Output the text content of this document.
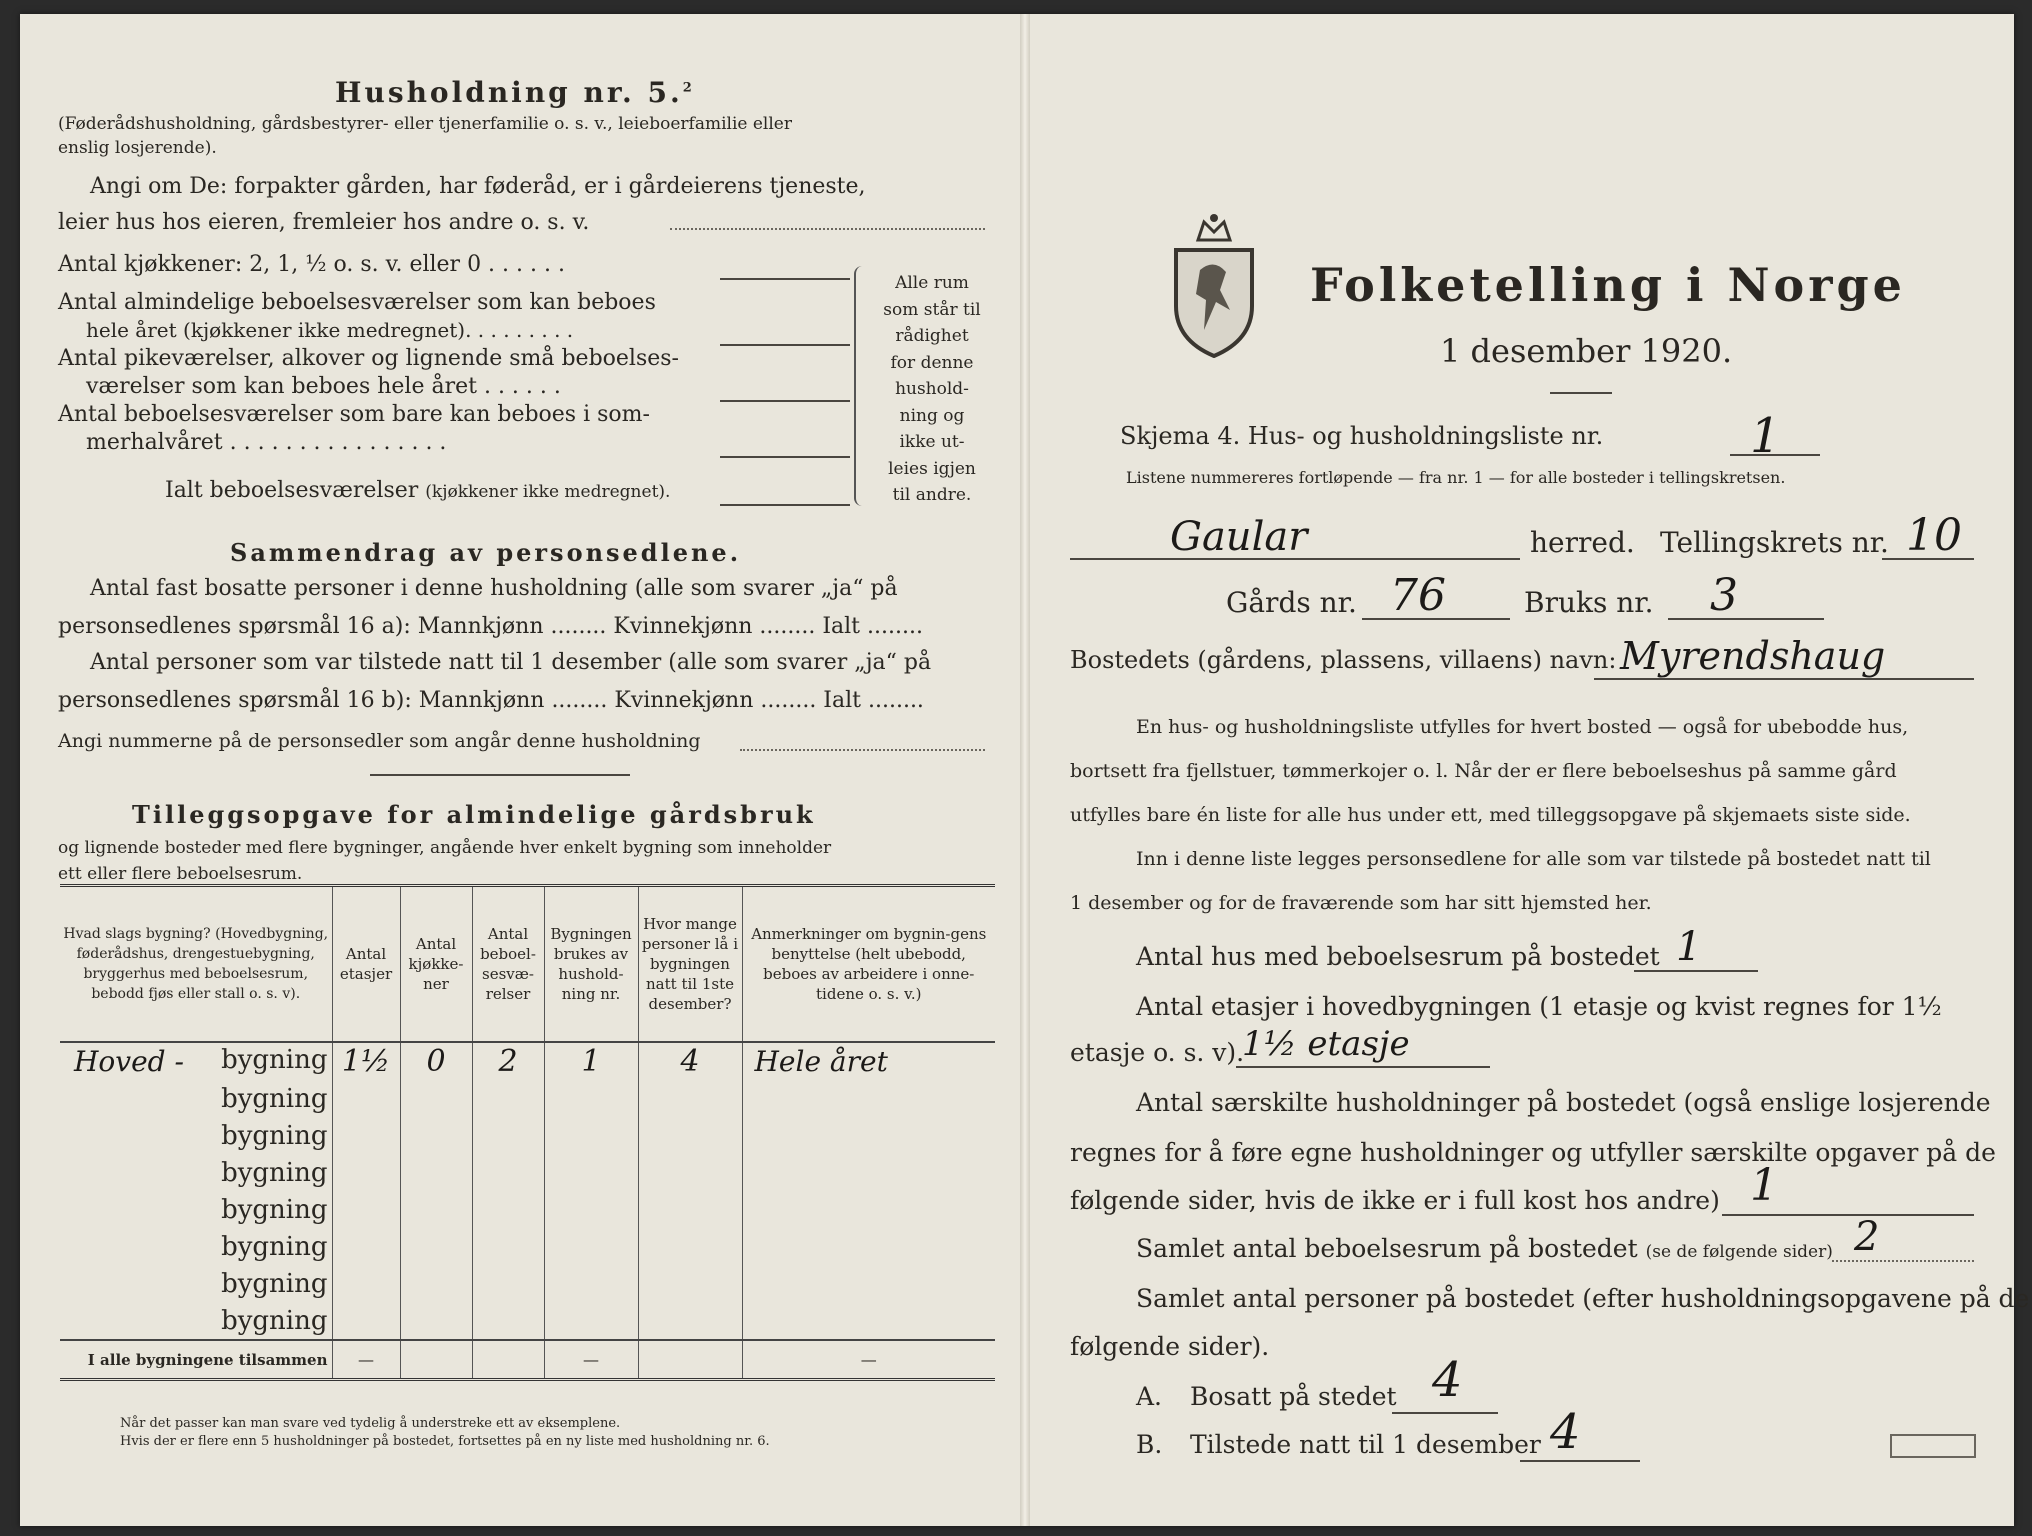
Husholdning nr. 5.$^2$
(Føderådshusholdning, gårdsbestyrer- eller tjenerfamilie o. s. v., leieboerfamilie eller
enslig losjerende).
Angi om De: forpakter gården, har føderåd, er i gårdeierens tjeneste,
leier hus hos eieren, fremleier hos andre o. s. v.
Antal kjøkkener: 2, 1, ½ o. s. v. eller 0 . . . . . .
Antal almindelige beboelsesværelser som kan beboes
hele året (kjøkkener ikke medregnet). . . . . . . . .
Antal pikeværelser, alkover og lignende små beboelses-
værelser som kan beboes hele året . . . . . .
Antal beboelsesværelser som bare kan beboes i som-
merhalvåret . . . . . . . . . . . . . . . .
Ialt beboelsesværelser (kjøkkener ikke medregnet).
Alle rum
som står til
rådighet
for denne
hushold-
ning og
ikke ut-
leies igjen
til andre.
Sammendrag av personsedlene.
Antal fast bosatte personer i denne husholdning (alle som svarer „ja“ på
personsedlenes spørsmål 16 a): Mannkjønn ........ Kvinnekjønn ........ Ialt ........
Antal personer som var tilstede natt til 1 desember (alle som svarer „ja“ på
personsedlenes spørsmål 16 b): Mannkjønn ........ Kvinnekjønn ........ Ialt ........
Angi nummerne på de personsedler som angår denne husholdning
Tilleggsopgave for almindelige gårdsbruk
og lignende bosteder med flere bygninger, angående hver enkelt bygning som inneholder
ett eller flere beboelsesrum.
Hvad slags bygning? (Hovedbygning, føderådshus, drengestuebygning, bryggerhus med beboelsesrum, bebodd fjøs eller stall o. s. v).	Antal etasjer	Antal kjøkke-ner	Antal beboel-sesvæ-relser	Bygningen brukes av hushold-ning nr.	Hvor mange personer lå i bygningen natt til 1ste desember?	Anmerkninger om bygnin-gens benyttelse (helt ubebodd, beboes av arbeidere i onne-tidene o. s. v.)

Hoved - bygning	1½	0	2	1	4	Hele året
bygning						
bygning						
bygning						
bygning						
bygning						
bygning						
bygning						
I alle bygningene tilsammen	—			—		—
Når det passer kan man svare ved tydelig å understreke ett av eksemplene.
Hvis der er flere enn 5 husholdninger på bostedet, fortsettes på en ny liste med husholdning nr. 6.
Folketelling i Norge
1 desember 1920.
Skjema 4. Hus- og husholdningsliste nr.	1
Listene nummereres fortløpende — fra nr. 1 — for alle bosteder i tellingskretsen.
Gaular	herred. Tellingskrets nr. 10
Gårds nr. 76	Bruks nr. 3
Bostedets (gårdens, plassens, villaens) navn: Myrendshaug
En hus- og husholdningsliste utfylles for hvert bosted — også for ubebodde hus,
bortsett fra fjellstuer, tømmerkojer o. l. Når der er flere beboelseshus på samme gård
utfylles bare én liste for alle hus under ett, med tilleggsopgave på skjemaets siste side.
Inn i denne liste legges personsedlene for alle som var tilstede på bostedet natt til
1 desember og for de fraværende som har sitt hjemsted her.
Antal hus med beboelsesrum på bostedet 1
Antal etasjer i hovedbygningen (1 etasje og kvist regnes for 1½
etasje o. s. v).
1½ etasje
Antal særskilte husholdninger på bostedet (også enslige losjerende
regnes for å føre egne husholdninger og utfyller særskilte opgaver på de
følgende sider, hvis de ikke er i full kost hos andre) 1
Samlet antal beboelsesrum på bostedet (se de følgende sider) 2
Samlet antal personer på bostedet (efter husholdningsopgavene på de
følgende sider).
A. Bosatt på stedet 4
B. Tilstede natt til 1 desember 4
